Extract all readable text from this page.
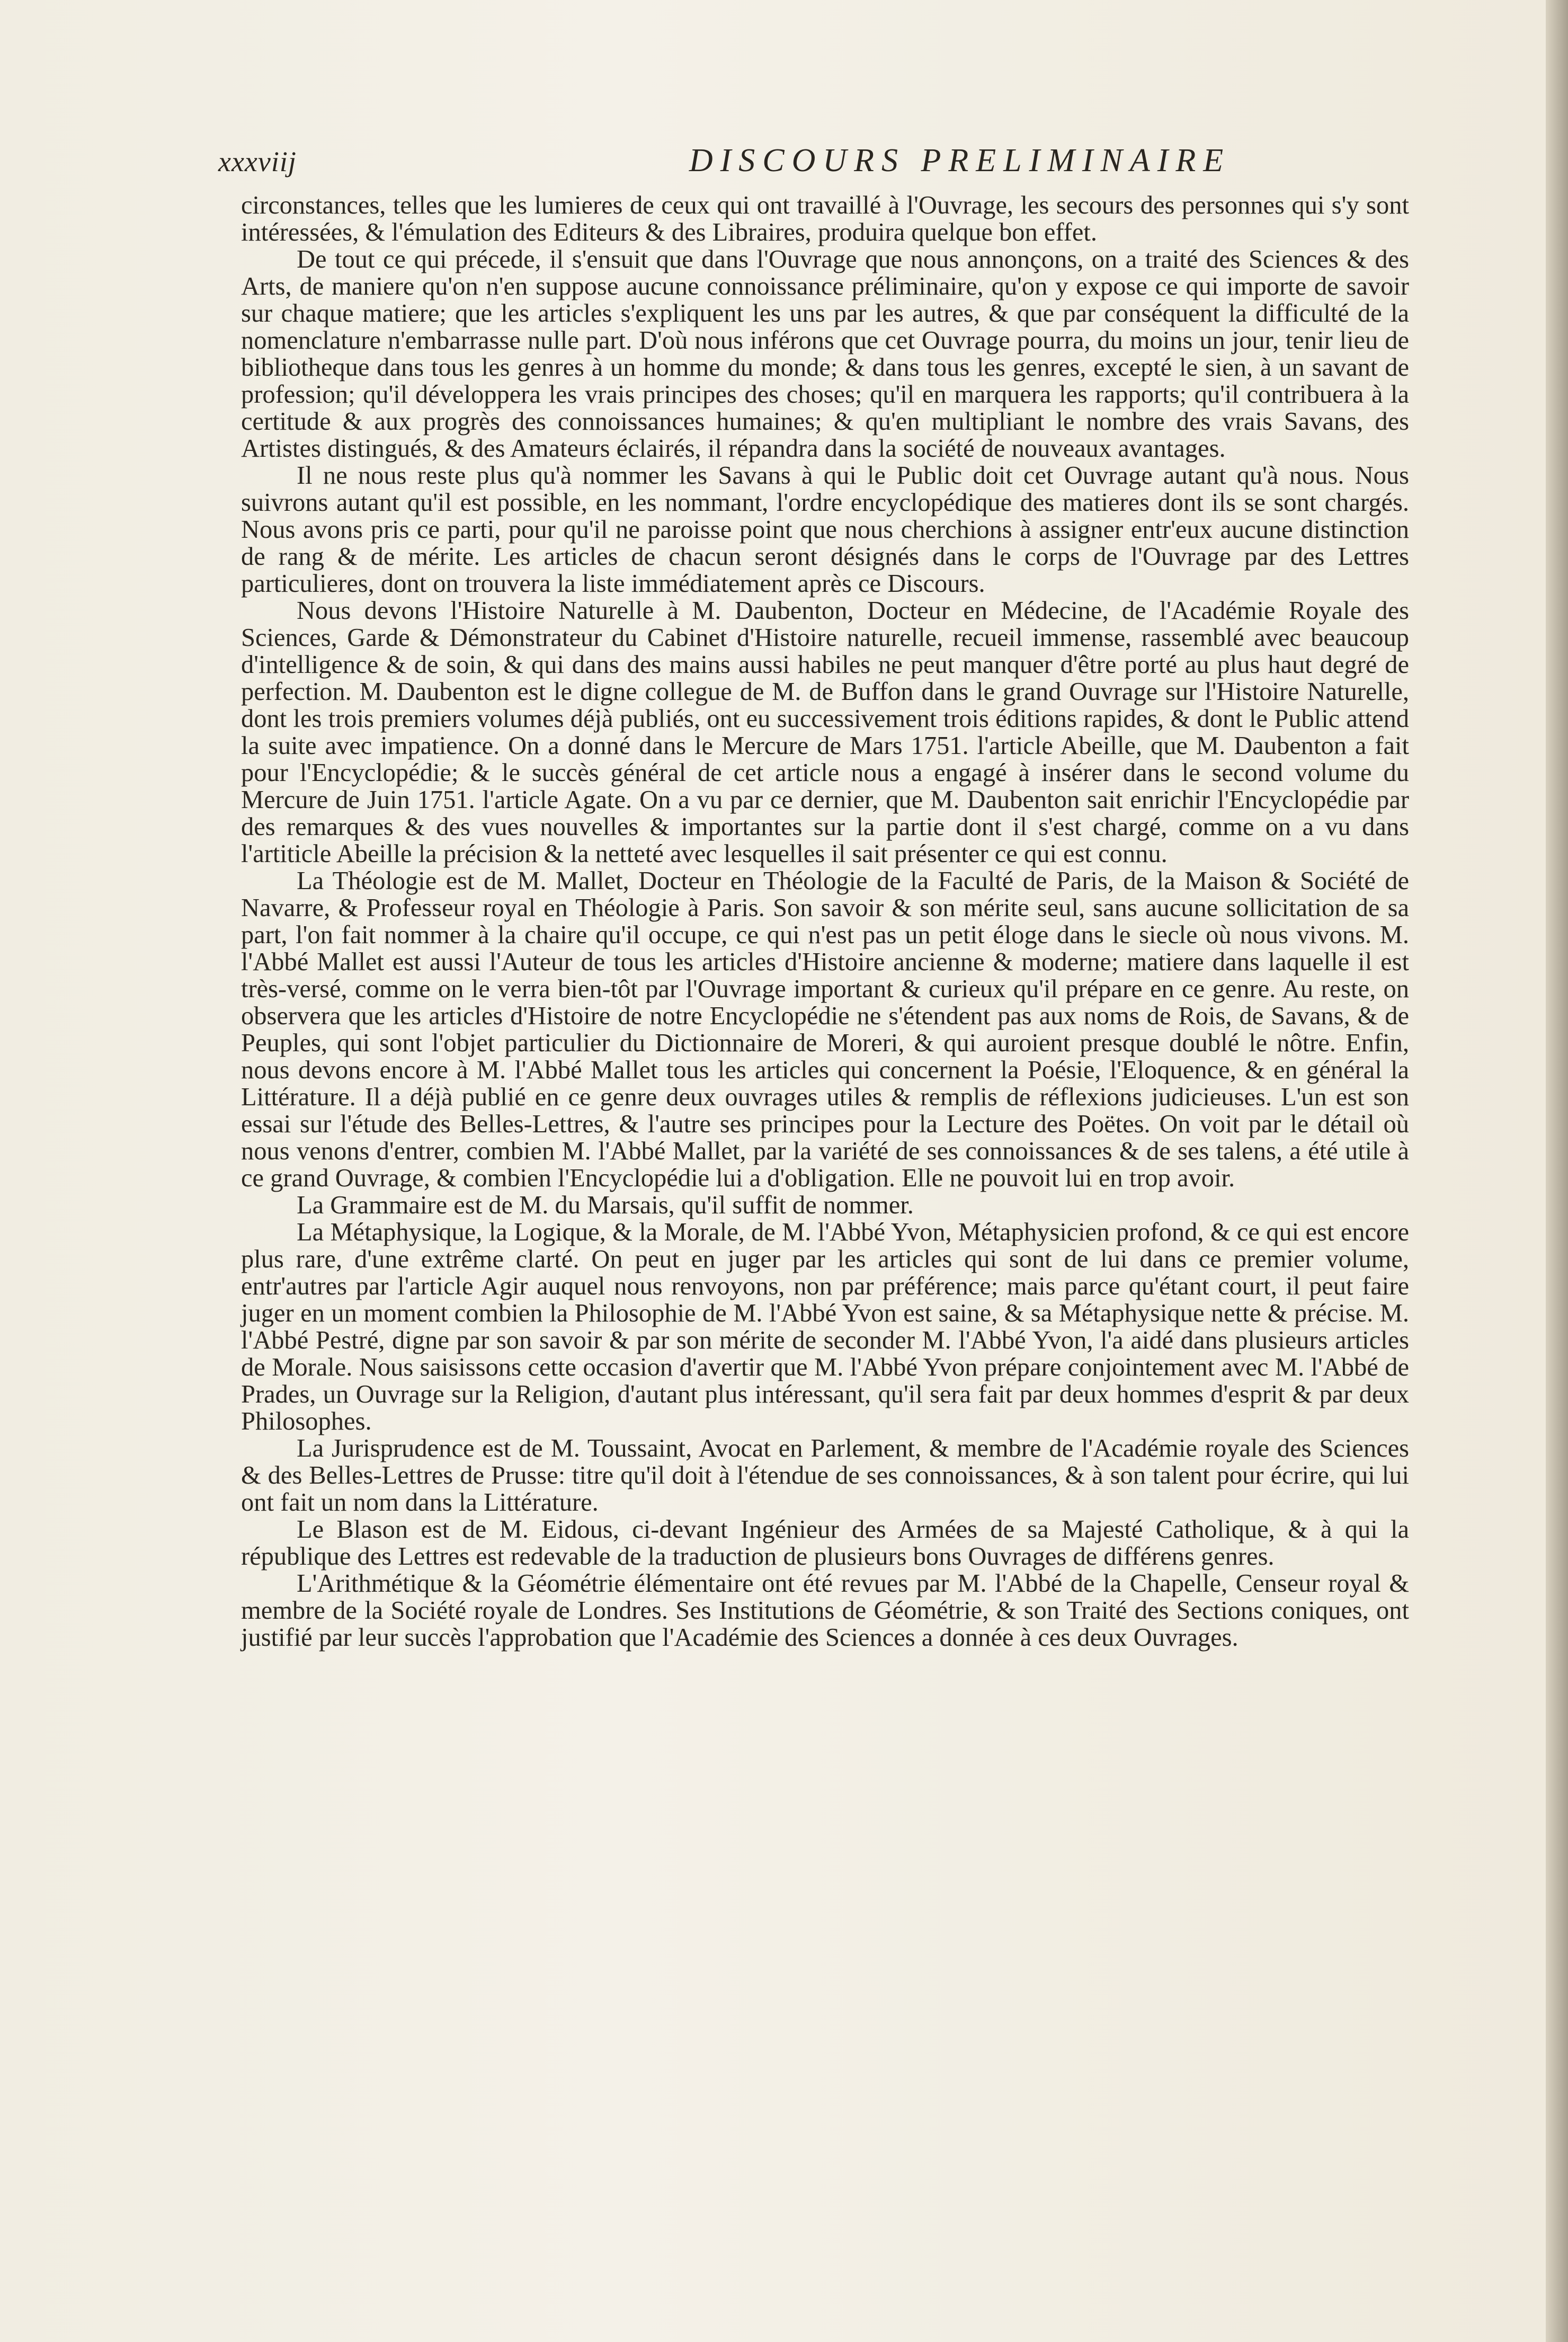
xxxviij	DISCOURS PRELIMINAIRE

circonstances, telles que les lumieres de ceux qui ont travaillé à l'Ouvrage, les secours des personnes qui s'y sont intéressées, & l'émulation des Editeurs & des Libraires, produira quelque bon effet.

De tout ce qui précede, il s'ensuit que dans l'Ouvrage que nous annonçons, on a traité des Sciences & des Arts, de maniere qu'on n'en suppose aucune connoissance préliminaire, qu'on y expose ce qui importe de savoir sur chaque matiere; que les articles s'expliquent les uns par les autres, & que par conséquent la difficulté de la nomenclature n'embarrasse nulle part. D'où nous inférons que cet Ouvrage pourra, du moins un jour, tenir lieu de bibliotheque dans tous les genres à un homme du monde; & dans tous les genres, excepté le sien, à un savant de profession; qu'il développera les vrais principes des choses; qu'il en marquera les rapports; qu'il contribuera à la certitude & aux progrès des connoissances humaines; & qu'en multipliant le nombre des vrais Savans, des Artistes distingués, & des Amateurs éclairés, il répandra dans la société de nouveaux avantages.

Il ne nous reste plus qu'à nommer les Savans à qui le Public doit cet Ouvrage autant qu'à nous. Nous suivrons autant qu'il est possible, en les nommant, l'ordre encyclopédique des matieres dont ils se sont chargés. Nous avons pris ce parti, pour qu'il ne paroisse point que nous cherchions à assigner entr'eux aucune distinction de rang & de mérite. Les articles de chacun seront désignés dans le corps de l'Ouvrage par des Lettres particulieres, dont on trouvera la liste immédiatement après ce Discours.

Nous devons l'Histoire Naturelle à M. Daubenton, Docteur en Médecine, de l'Académie Royale des Sciences, Garde & Démonstrateur du Cabinet d'Histoire naturelle, recueil immense, rassemblé avec beaucoup d'intelligence & de soin, & qui dans des mains aussi habiles ne peut manquer d'être porté au plus haut degré de perfection. M. Daubenton est le digne collegue de M. de Buffon dans le grand Ouvrage sur l'Histoire Naturelle, dont les trois premiers volumes déjà publiés, ont eu successivement trois éditions rapides, & dont le Public attend la suite avec impatience. On a donné dans le Mercure de Mars 1751. l'article Abeille, que M. Daubenton a fait pour l'Encyclopédie; & le succès général de cet article nous a engagé à insérer dans le second volume du Mercure de Juin 1751. l'article Agate. On a vu par ce dernier, que M. Daubenton sait enrichir l'Encyclopédie par des remarques & des vues nouvelles & importantes sur la partie dont il s'est chargé, comme on a vu dans l'artiticle Abeille la précision & la netteté avec lesquelles il sait présenter ce qui est connu.

La Théologie est de M. Mallet, Docteur en Théologie de la Faculté de Paris, de la Maison & Société de Navarre, & Professeur royal en Théologie à Paris. Son savoir & son mérite seul, sans aucune sollicitation de sa part, l'on fait nommer à la chaire qu'il occupe, ce qui n'est pas un petit éloge dans le siecle où nous vivons. M. l'Abbé Mallet est aussi l'Auteur de tous les articles d'Histoire ancienne & moderne; matiere dans laquelle il est très-versé, comme on le verra bien-tôt par l'Ouvrage important & curieux qu'il prépare en ce genre. Au reste, on observera que les articles d'Histoire de notre Encyclopédie ne s'étendent pas aux noms de Rois, de Savans, & de Peuples, qui sont l'objet particulier du Dictionnaire de Moreri, & qui auroient presque doublé le nôtre. Enfin, nous devons encore à M. l'Abbé Mallet tous les articles qui concernent la Poésie, l'Eloquence, & en général la Littérature. Il a déjà publié en ce genre deux ouvrages utiles & remplis de réflexions judicieuses. L'un est son essai sur l'étude des Belles-Lettres, & l'autre ses principes pour la Lecture des Poëtes. On voit par le détail où nous venons d'entrer, combien M. l'Abbé Mallet, par la variété de ses connoissances & de ses talens, a été utile à ce grand Ouvrage, & combien l'Encyclopédie lui a d'obligation. Elle ne pouvoit lui en trop avoir.

La Grammaire est de M. du Marsais, qu'il suffit de nommer.

La Métaphysique, la Logique, & la Morale, de M. l'Abbé Yvon, Métaphysicien profond, & ce qui est encore plus rare, d'une extrême clarté. On peut en juger par les articles qui sont de lui dans ce premier volume, entr'autres par l'article Agir auquel nous renvoyons, non par préférence; mais parce qu'étant court, il peut faire juger en un moment combien la Philosophie de M. l'Abbé Yvon est saine, & sa Métaphysique nette & précise. M. l'Abbé Pestré, digne par son savoir & par son mérite de seconder M. l'Abbé Yvon, l'a aidé dans plusieurs articles de Morale. Nous saisissons cette occasion d'avertir que M. l'Abbé Yvon prépare conjointement avec M. l'Abbé de Prades, un Ouvrage sur la Religion, d'autant plus intéressant, qu'il sera fait par deux hommes d'esprit & par deux Philosophes.

La Jurisprudence est de M. Toussaint, Avocat en Parlement, & membre de l'Académie royale des Sciences & des Belles-Lettres de Prusse: titre qu'il doit à l'étendue de ses connoissances, & à son talent pour écrire, qui lui ont fait un nom dans la Littérature.

Le Blason est de M. Eidous, ci-devant Ingénieur des Armées de sa Majesté Catholique, & à qui la république des Lettres est redevable de la traduction de plusieurs bons Ouvrages de différens genres.

L'Arithmétique & la Géométrie élémentaire ont été revues par M. l'Abbé de la Chapelle, Censeur royal & membre de la Société royale de Londres. Ses Institutions de Géométrie, & son Traité des Sections coniques, ont justifié par leur succès l'approbation que l'Académie des Sciences a donnée à ces deux Ouvrages.
